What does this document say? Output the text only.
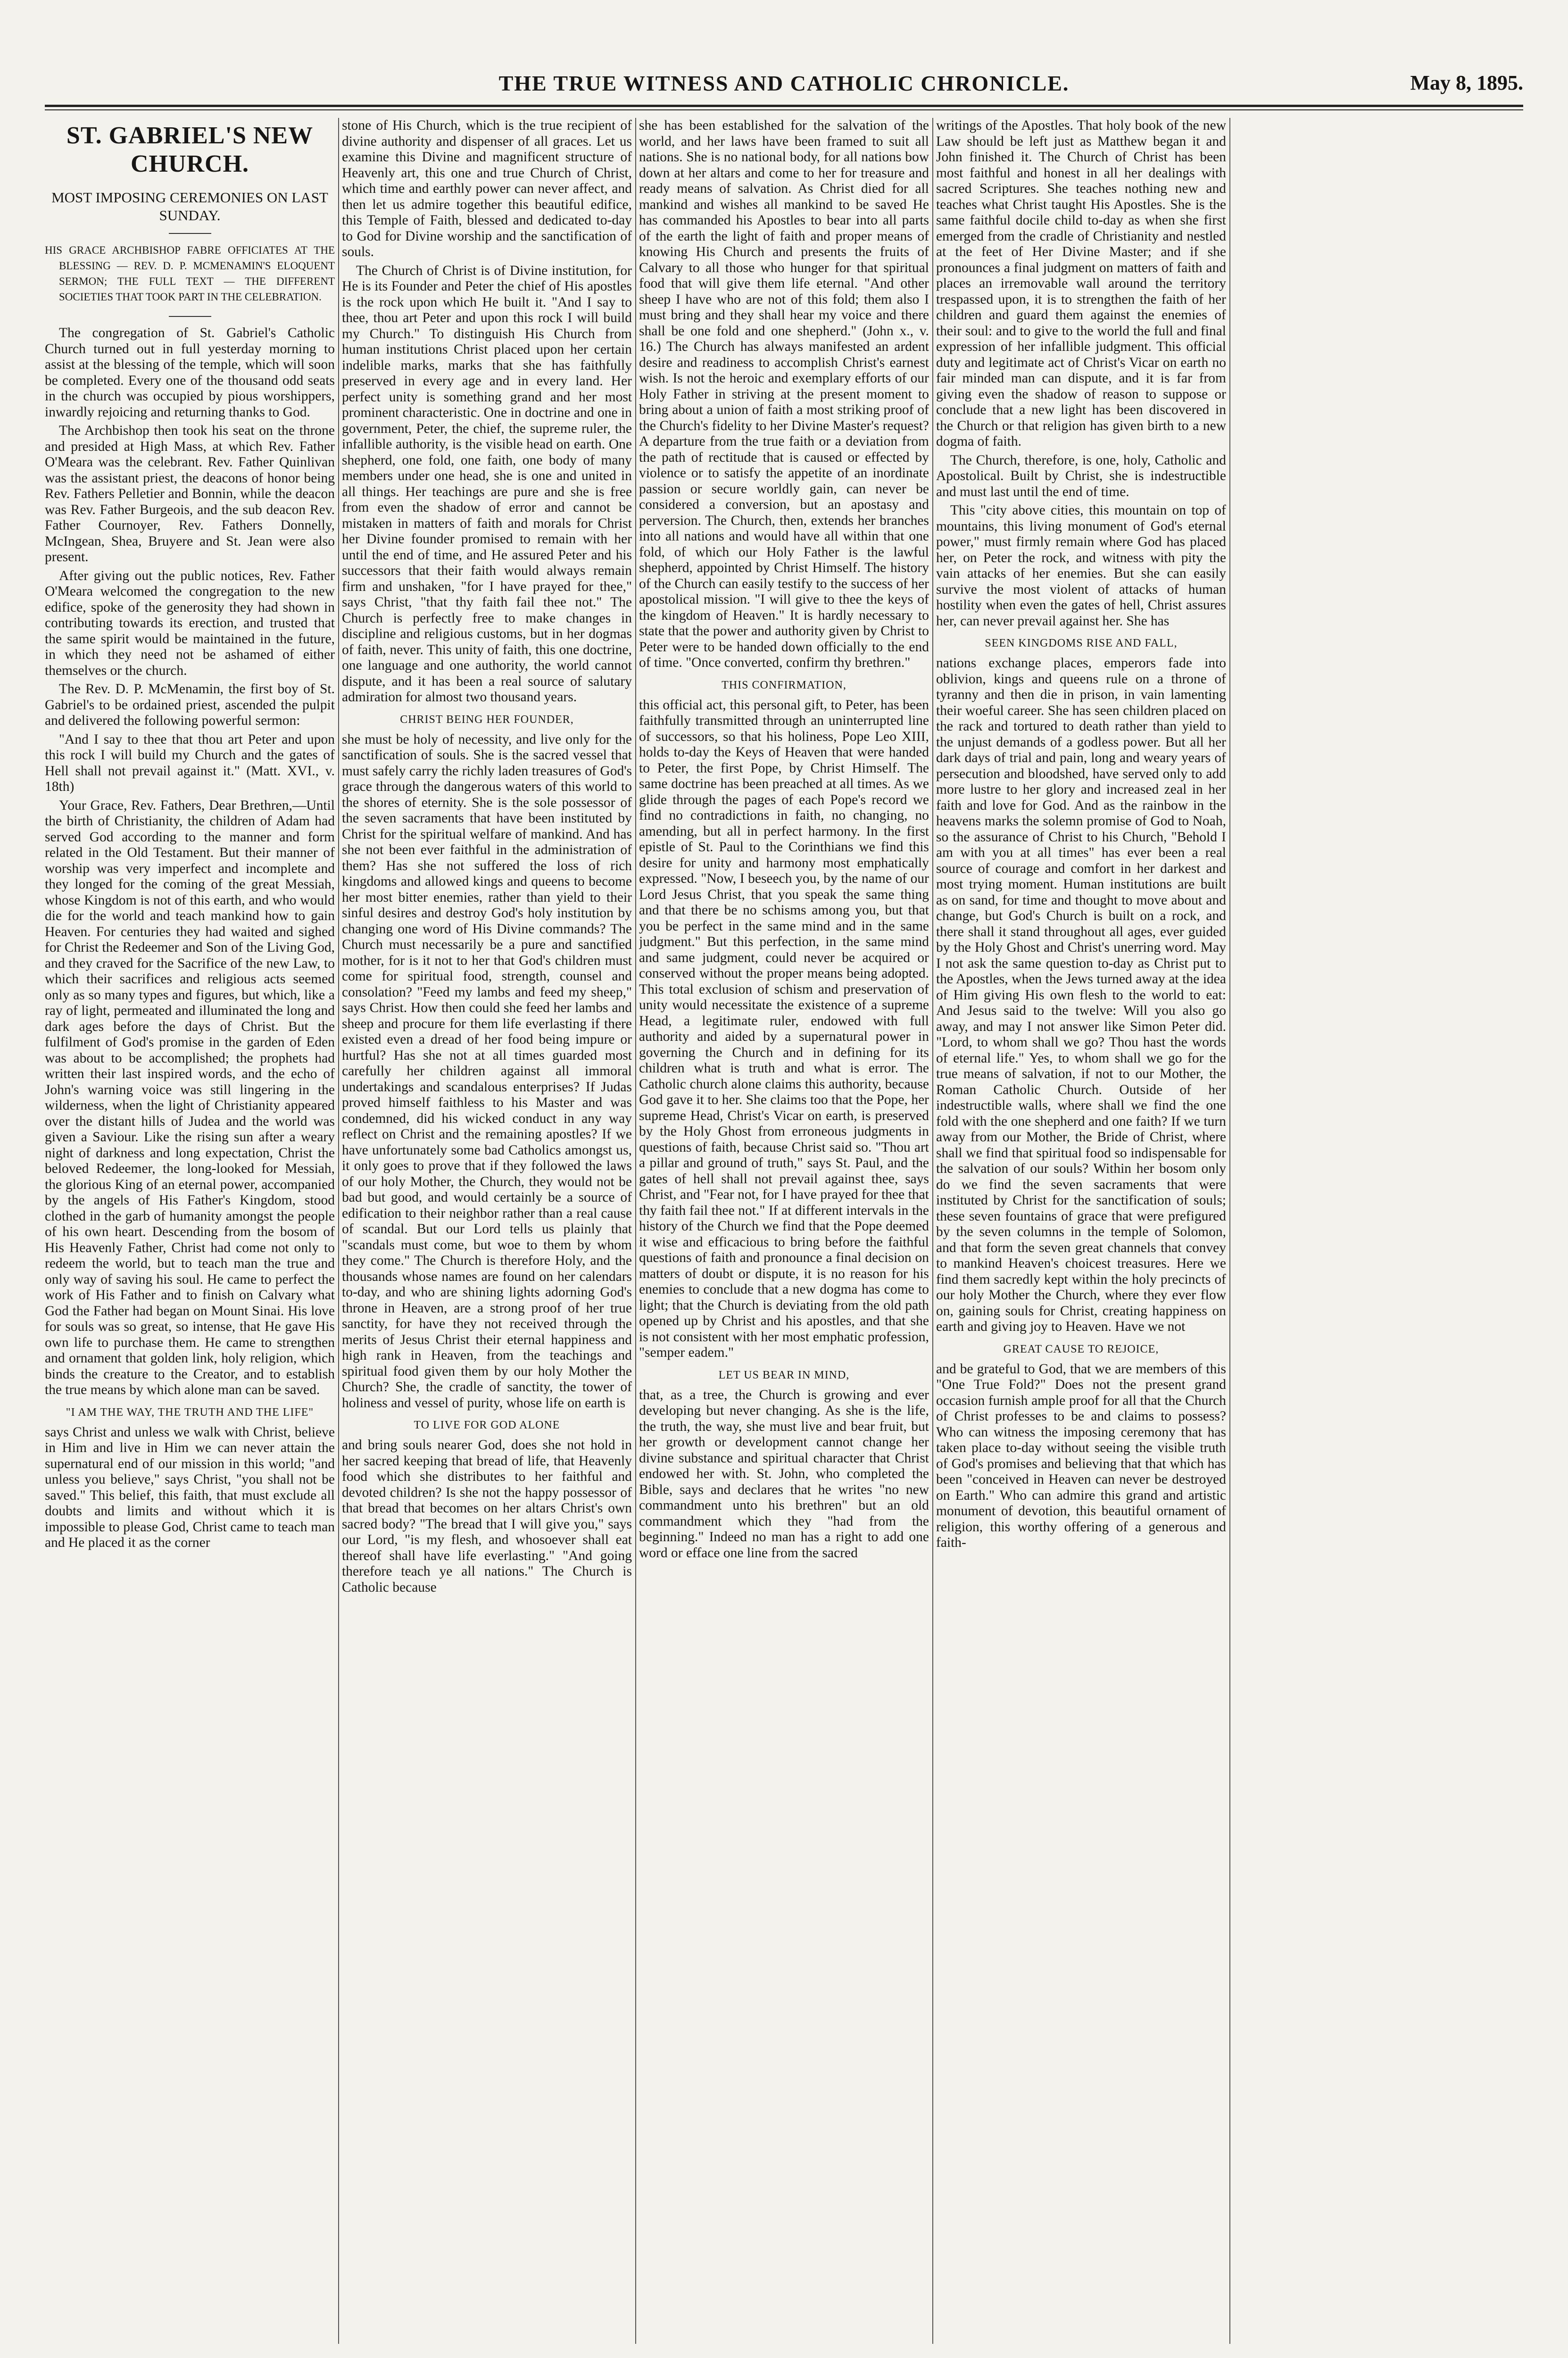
THE TRUE WITNESS AND CATHOLIC CHRONICLE.	May 8, 1895.
ST. GABRIEL'S NEW CHURCH.
MOST IMPOSING CEREMONIES ON LAST SUNDAY.
HIS GRACE ARCHBISHOP FABRE OFFICIATES AT THE BLESSING — REV. D. P. MCMENAMIN'S ELOQUENT SERMON; THE FULL TEXT — THE DIFFERENT SOCIETIES THAT TOOK PART IN THE CELEBRATION.

The congregation of St. Gabriel's Catholic Church turned out in full yesterday morning to assist at the blessing of the temple, which will soon be completed. Every one of the thousand odd seats in the church was occupied by pious worshippers, inwardly rejoicing and returning thanks to God.

The Archbishop then took his seat on the throne and presided at High Mass, at which Rev. Father O'Meara was the celebrant. Rev. Father Quinlivan was the assistant priest, the deacons of honor being Rev. Fathers Pelletier and Bonnin, while the deacon was Rev. Father Burgeois, and the sub deacon Rev. Father Cournoyer, Rev. Fathers Donnelly, McIngean, Shea, Bruyere and St. Jean were also present.

After giving out the public notices, Rev. Father O'Meara welcomed the congregation to the new edifice, spoke of the generosity they had shown in contributing towards its erection, and trusted that the same spirit would be maintained in the future, in which they need not be ashamed of either themselves or the church.

The Rev. D. P. McMenamin, the first boy of St. Gabriel's to be ordained priest, ascended the pulpit and delivered the following powerful sermon:

"And I say to thee that thou art Peter and upon this rock I will build my Church and the gates of Hell shall not prevail against it." (Matt. XVI., v. 18th)

Your Grace, Rev. Fathers, Dear Brethren,—Until the birth of Christianity, the children of Adam had served God according to the manner and form related in the Old Testament. But their manner of worship was very imperfect and incomplete and they longed for the coming of the great Messiah, whose Kingdom is not of this earth, and who would die for the world and teach mankind how to gain Heaven. For centuries they had waited and sighed for Christ the Redeemer and Son of the Living God, and they craved for the Sacrifice of the new Law, to which their sacrifices and religious acts seemed only as so many types and figures, but which, like a ray of light, permeated and illuminated the long and dark ages before the days of Christ. But the fulfilment of God's promise in the garden of Eden was about to be accomplished; the prophets had written their last inspired words, and the echo of John's warning voice was still lingering in the wilderness, when the light of Christianity appeared over the distant hills of Judea and the world was given a Saviour. Like the rising sun after a weary night of darkness and long expectation, Christ the beloved Redeemer, the long-looked for Messiah, the glorious King of an eternal power, accompanied by the angels of His Father's Kingdom, stood clothed in the garb of humanity amongst the people of his own heart. Descending from the bosom of His Heavenly Father, Christ had come not only to redeem the world, but to teach man the true and only way of saving his soul. He came to perfect the work of His Father and to finish on Calvary what God the Father had began on Mount Sinai. His love for souls was so great, so intense, that He gave His own life to purchase them. He came to strengthen and ornament that golden link, holy religion, which binds the creature to the Creator, and to establish the true means by which alone man can be saved.

"I AM THE WAY, THE TRUTH AND THE LIFE"

says Christ and unless we walk with Christ, believe in Him and live in Him we can never attain the supernatural end of our mission in this world; "and unless you believe," says Christ, "you shall not be saved." This belief, this faith, that must exclude all doubts and limits and without which it is impossible to please God, Christ came to teach man and He placed it as the corner

stone of His Church, which is the true recipient of divine authority and dispenser of all graces. Let us examine this Divine and magnificent structure of Heavenly art, this one and true Church of Christ, which time and earthly power can never affect, and then let us admire together this beautiful edifice, this Temple of Faith, blessed and dedicated to-day to God for Divine worship and the sanctification of souls.

The Church of Christ is of Divine institution, for He is its Founder and Peter the chief of His apostles is the rock upon which He built it. "And I say to thee, thou art Peter and upon this rock I will build my Church." To distinguish His Church from human institutions Christ placed upon her certain indelible marks, marks that she has faithfully preserved in every age and in every land. Her perfect unity is something grand and her most prominent characteristic. One in doctrine and one in government, Peter, the chief, the supreme ruler, the infallible authority, is the visible head on earth. One shepherd, one fold, one faith, one body of many members under one head, she is one and united in all things. Her teachings are pure and she is free from even the shadow of error and cannot be mistaken in matters of faith and morals for Christ her Divine founder promised to remain with her until the end of time, and He assured Peter and his successors that their faith would always remain firm and unshaken, "for I have prayed for thee," says Christ, "that thy faith fail thee not." The Church is perfectly free to make changes in discipline and religious customs, but in her dogmas of faith, never. This unity of faith, this one doctrine, one language and one authority, the world cannot dispute, and it has been a real source of salutary admiration for almost two thousand years.

CHRIST BEING HER FOUNDER,

she must be holy of necessity, and live only for the sanctification of souls. She is the sacred vessel that must safely carry the richly laden treasures of God's grace through the dangerous waters of this world to the shores of eternity. She is the sole possessor of the seven sacraments that have been instituted by Christ for the spiritual welfare of mankind. And has she not been ever faithful in the administration of them? Has she not suffered the loss of rich kingdoms and allowed kings and queens to become her most bitter enemies, rather than yield to their sinful desires and destroy God's holy institution by changing one word of His Divine commands? The Church must necessarily be a pure and sanctified mother, for is it not to her that God's children must come for spiritual food, strength, counsel and consolation? "Feed my lambs and feed my sheep," says Christ. How then could she feed her lambs and sheep and procure for them life everlasting if there existed even a dread of her food being impure or hurtful? Has she not at all times guarded most carefully her children against all immoral undertakings and scandalous enterprises? If Judas proved himself faithless to his Master and was condemned, did his wicked conduct in any way reflect on Christ and the remaining apostles? If we have unfortunately some bad Catholics amongst us, it only goes to prove that if they followed the laws of our holy Mother, the Church, they would not be bad but good, and would certainly be a source of edification to their neighbor rather than a real cause of scandal. But our Lord tells us plainly that "scandals must come, but woe to them by whom they come." The Church is therefore Holy, and the thousands whose names are found on her calendars to-day, and who are shining lights adorning God's throne in Heaven, are a strong proof of her true sanctity, for have they not received through the merits of Jesus Christ their eternal happiness and high rank in Heaven, from the teachings and spiritual food given them by our holy Mother the Church? She, the cradle of sanctity, the tower of holiness and vessel of purity, whose life on earth is

TO LIVE FOR GOD ALONE

and bring souls nearer God, does she not hold in her sacred keeping that bread of life, that Heavenly food which she distributes to her faithful and devoted children? Is she not the happy possessor of that bread that becomes on her altars Christ's own sacred body? "The bread that I will give you," says our Lord, "is my flesh, and whosoever shall eat thereof shall have life everlasting." "And going therefore teach ye all nations." The Church is Catholic because

she has been established for the salvation of the world, and her laws have been framed to suit all nations. She is no national body, for all nations bow down at her altars and come to her for treasure and ready means of salvation. As Christ died for all mankind and wishes all mankind to be saved He has commanded his Apostles to bear into all parts of the earth the light of faith and proper means of knowing His Church and presents the fruits of Calvary to all those who hunger for that spiritual food that will give them life eternal. "And other sheep I have who are not of this fold; them also I must bring and they shall hear my voice and there shall be one fold and one shepherd." (John x., v. 16.) The Church has always manifested an ardent desire and readiness to accomplish Christ's earnest wish. Is not the heroic and exemplary efforts of our Holy Father in striving at the present moment to bring about a union of faith a most striking proof of the Church's fidelity to her Divine Master's request? A departure from the true faith or a deviation from the path of rectitude that is caused or effected by violence or to satisfy the appetite of an inordinate passion or secure worldly gain, can never be considered a conversion, but an apostasy and perversion. The Church, then, extends her branches into all nations and would have all within that one fold, of which our Holy Father is the lawful shepherd, appointed by Christ Himself. The history of the Church can easily testify to the success of her apostolical mission. "I will give to thee the keys of the kingdom of Heaven." It is hardly necessary to state that the power and authority given by Christ to Peter were to be handed down officially to the end of time. "Once converted, confirm thy brethren."

THIS CONFIRMATION,

this official act, this personal gift, to Peter, has been faithfully transmitted through an uninterrupted line of successors, so that his holiness, Pope Leo XIII, holds to-day the Keys of Heaven that were handed to Peter, the first Pope, by Christ Himself. The same doctrine has been preached at all times. As we glide through the pages of each Pope's record we find no contradictions in faith, no changing, no amending, but all in perfect harmony. In the first epistle of St. Paul to the Corinthians we find this desire for unity and harmony most emphatically expressed. "Now, I beseech you, by the name of our Lord Jesus Christ, that you speak the same thing and that there be no schisms among you, but that you be perfect in the same mind and in the same judgment." But this perfection, in the same mind and same judgment, could never be acquired or conserved without the proper means being adopted. This total exclusion of schism and preservation of unity would necessitate the existence of a supreme Head, a legitimate ruler, endowed with full authority and aided by a supernatural power in governing the Church and in defining for its children what is truth and what is error. The Catholic church alone claims this authority, because God gave it to her. She claims too that the Pope, her supreme Head, Christ's Vicar on earth, is preserved by the Holy Ghost from erroneous judgments in questions of faith, because Christ said so. "Thou art a pillar and ground of truth," says St. Paul, and the gates of hell shall not prevail against thee, says Christ, and "Fear not, for I have prayed for thee that thy faith fail thee not." If at different intervals in the history of the Church we find that the Pope deemed it wise and efficacious to bring before the faithful questions of faith and pronounce a final decision on matters of doubt or dispute, it is no reason for his enemies to conclude that a new dogma has come to light; that the Church is deviating from the old path opened up by Christ and his apostles, and that she is not consistent with her most emphatic profession, "semper eadem."

LET US BEAR IN MIND,

that, as a tree, the Church is growing and ever developing but never changing. As she is the life, the truth, the way, she must live and bear fruit, but her growth or development cannot change her divine substance and spiritual character that Christ endowed her with. St. John, who completed the Bible, says and declares that he writes "no new commandment unto his brethren" but an old commandment which they "had from the beginning." Indeed no man has a right to add one word or efface one line from the sacred

writings of the Apostles. That holy book of the new Law should be left just as Matthew began it and John finished it. The Church of Christ has been most faithful and honest in all her dealings with sacred Scriptures. She teaches nothing new and teaches what Christ taught His Apostles. She is the same faithful docile child to-day as when she first emerged from the cradle of Christianity and nestled at the feet of Her Divine Master; and if she pronounces a final judgment on matters of faith and places an irremovable wall around the territory trespassed upon, it is to strengthen the faith of her children and guard them against the enemies of their soul: and to give to the world the full and final expression of her infallible judgment. This official duty and legitimate act of Christ's Vicar on earth no fair minded man can dispute, and it is far from giving even the shadow of reason to suppose or conclude that a new light has been discovered in the Church or that religion has given birth to a new dogma of faith.

The Church, therefore, is one, holy, Catholic and Apostolical. Built by Christ, she is indestructible and must last until the end of time.

This "city above cities, this mountain on top of mountains, this living monument of God's eternal power," must firmly remain where God has placed her, on Peter the rock, and witness with pity the vain attacks of her enemies. But she can easily survive the most violent of attacks of human hostility when even the gates of hell, Christ assures her, can never prevail against her. She has

SEEN KINGDOMS RISE AND FALL,

nations exchange places, emperors fade into oblivion, kings and queens rule on a throne of tyranny and then die in prison, in vain lamenting their woeful career. She has seen children placed on the rack and tortured to death rather than yield to the unjust demands of a godless power. But all her dark days of trial and pain, long and weary years of persecution and bloodshed, have served only to add more lustre to her glory and increased zeal in her faith and love for God. And as the rainbow in the heavens marks the solemn promise of God to Noah, so the assurance of Christ to his Church, "Behold I am with you at all times" has ever been a real source of courage and comfort in her darkest and most trying moment. Human institutions are built as on sand, for time and thought to move about and change, but God's Church is built on a rock, and there shall it stand throughout all ages, ever guided by the Holy Ghost and Christ's unerring word. May I not ask the same question to-day as Christ put to the Apostles, when the Jews turned away at the idea of Him giving His own flesh to the world to eat: And Jesus said to the twelve: Will you also go away, and may I not answer like Simon Peter did. "Lord, to whom shall we go? Thou hast the words of eternal life." Yes, to whom shall we go for the true means of salvation, if not to our Mother, the Roman Catholic Church. Outside of her indestructible walls, where shall we find the one fold with the one shepherd and one faith? If we turn away from our Mother, the Bride of Christ, where shall we find that spiritual food so indispensable for the salvation of our souls? Within her bosom only do we find the seven sacraments that were instituted by Christ for the sanctification of souls; these seven fountains of grace that were prefigured by the seven columns in the temple of Solomon, and that form the seven great channels that convey to mankind Heaven's choicest treasures. Here we find them sacredly kept within the holy precincts of our holy Mother the Church, where they ever flow on, gaining souls for Christ, creating happiness on earth and giving joy to Heaven. Have we not

GREAT CAUSE TO REJOICE,

and be grateful to God, that we are members of this "One True Fold?" Does not the present grand occasion furnish ample proof for all that the Church of Christ professes to be and claims to possess? Who can witness the imposing ceremony that has taken place to-day without seeing the visible truth of God's promises and believing that that which has been "conceived in Heaven can never be destroyed on Earth." Who can admire this grand and artistic monument of devotion, this beautiful ornament of religion, this worthy offering of a generous and faith-
